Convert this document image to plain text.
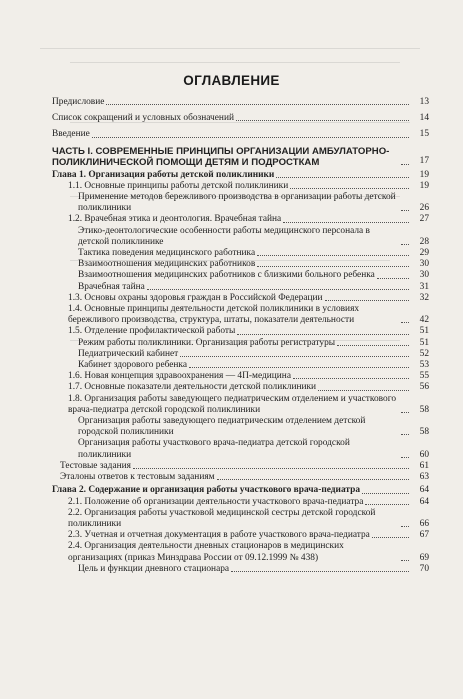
ОГЛАВЛЕНИЕ
Предисловие	13
Список сокращений и условных обозначений	14
Введение	15
ЧАСТЬ I. СОВРЕМЕННЫЕ ПРИНЦИПЫ ОРГАНИЗАЦИИ АМБУЛАТОРНО-ПОЛИКЛИНИЧЕСКОЙ ПОМОЩИ ДЕТЯМ И ПОДРОСТКАМ	17
Глава 1. Организация работы детской поликлиники	19
1.1. Основные принципы работы детской поликлиники	19
Применение методов бережливого производства в организации работы детской поликлиники	26
1.2. Врачебная этика и деонтология. Врачебная тайна	27
Этико-деонтологические особенности работы медицинского персонала в детской поликлинике	28
Тактика поведения медицинского работника	29
Взаимоотношения медицинских работников	30
Взаимоотношения медицинских работников с близкими больного ребенка	30
Врачебная тайна	31
1.3. Основы охраны здоровья граждан в Российской Федерации	32
1.4. Основные принципы деятельности детской поликлиники в условиях бережливого производства, структура, штаты, показатели деятельности	42
1.5. Отделение профилактической работы	51
Режим работы поликлиники. Организация работы регистратуры	51
Педиатрический кабинет	52
Кабинет здорового ребенка	53
1.6. Новая концепция здравоохранения — 4П-медицина	55
1.7. Основные показатели деятельности детской поликлиники	56
1.8. Организация работы заведующего педиатрическим отделением и участкового врача-педиатра детской городской поликлиники	58
Организация работы заведующего педиатрическим отделением детской городской поликлиники	58
Организация работы участкового врача-педиатра детской городской поликлиники	60
Тестовые задания	61
Эталоны ответов к тестовым заданиям	63
Глава 2. Содержание и организация работы участкового врача-педиатра	64
2.1. Положение об организации деятельности участкового врача-педиатра	64
2.2. Организация работы участковой медицинской сестры детской городской поликлиники	66
2.3. Учетная и отчетная документация в работе участкового врача-педиатра	67
2.4. Организация деятельности дневных стационаров в медицинских организациях (приказ Минздрава России от 09.12.1999 № 438)	69
Цель и функции дневного стационара	70
